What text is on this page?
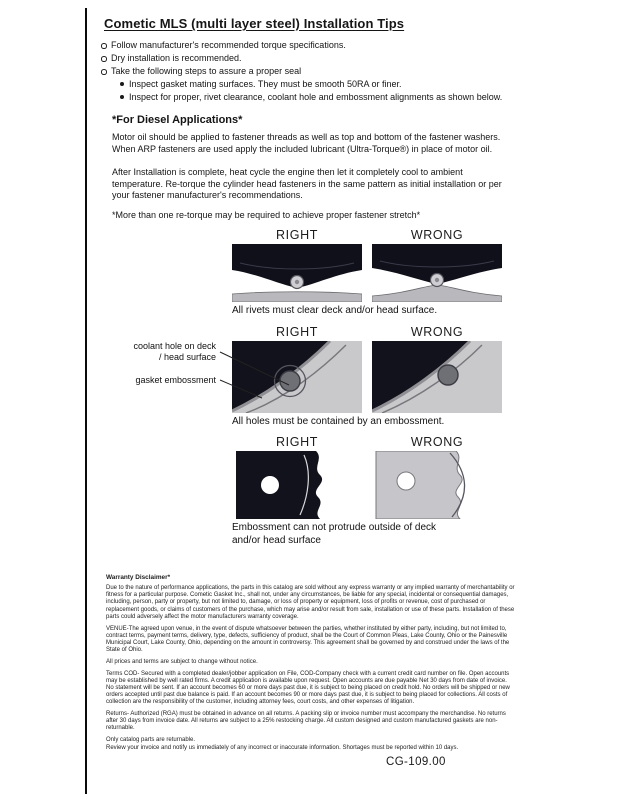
Cometic MLS (multi layer steel) Installation Tips
Follow manufacturer's recommended torque specifications.
Dry installation is recommended.
Take the following steps to assure a proper seal
Inspect gasket mating surfaces. They must be smooth 50RA or finer.
Inspect for proper, rivet clearance, coolant hole and embossment alignments as shown below.
*For Diesel Applications*

Motor oil should be applied to fastener threads as well as top and bottom of the fastener washers. When ARP fasteners are used apply the included lubricant (Ultra-Torque®) in place of motor oil.

After Installation is complete, heat cycle the engine then let it completely cool to ambient temperature. Re-torque the cylinder head fasteners in the same pattern as initial installation or per your fastener manufacturer's recommendations.

*More than one re-torque may be required to achieve proper fastener stretch*

RIGHT	WRONG
All rivets must clear deck and/or head surface.
RIGHT	WRONG
All holes must be contained by an embossment.
RIGHT	WRONG
Embossment can not protrude outside of deck and/or head surface
coolant hole on deck / head surface
gasket embossment
Warranty Disclaimer*

Due to the nature of performance applications, the parts in this catalog are sold without any express warranty or any implied warranty of merchantability or fitness for a particular purpose. Cometic Gasket Inc., shall not, under any circumstances, be liable for any special, incidental or consequential damages, including, person, party or property, but not limited to, damage, or loss of property or equipment, loss of profits or revenue, cost of purchased or replacement goods, or claims of customers of the purchase, which may arise and/or result from sale, installation or use of these parts. Installation of these parts could adversely affect the motor manufacturers warranty coverage.

VENUE-The agreed upon venue, in the event of dispute whatsoever between the parties, whether instituted by either party, including, but not limited to, contract terms, payment terms, delivery, type, defects, sufficiency of product, shall be the Court of Common Pleas, Lake County, Ohio or the Painesville Municipal Court, Lake County, Ohio, depending on the amount in controversy. This agreement shall be governed by and construed under the laws of the State of Ohio.

All prices and terms are subject to change without notice.

Terms COD- Secured with a completed dealer/jobber application on File, COD-Company check with a current credit card number on file. Open accounts may be established by well rated firms. A credit application is available upon request. Open accounts are due payable Net 30 days from date of invoice. No statement will be sent. If an account becomes 60 or more days past due, it is subject to being placed on credit hold. No orders will be shipped or new orders accepted until past due balance is paid. If an account becomes 90 or more days past due, it is subject to being placed for collections. All costs of collection are the responsibility of the customer, including attorney fees, court costs, and other expenses of litigation.

Returns- Authorized (RGA) must be obtained in advance on all returns. A packing slip or invoice number must accompany the merchandise. No returns after 30 days from invoice date. All returns are subject to a 25% restocking charge. All custom designed and custom manufactured gaskets are non-returnable.

Only catalog parts are returnable.

Review your invoice and notify us immediately of any incorrect or inaccurate information. Shortages must be reported within 10 days.

CG-109.00
